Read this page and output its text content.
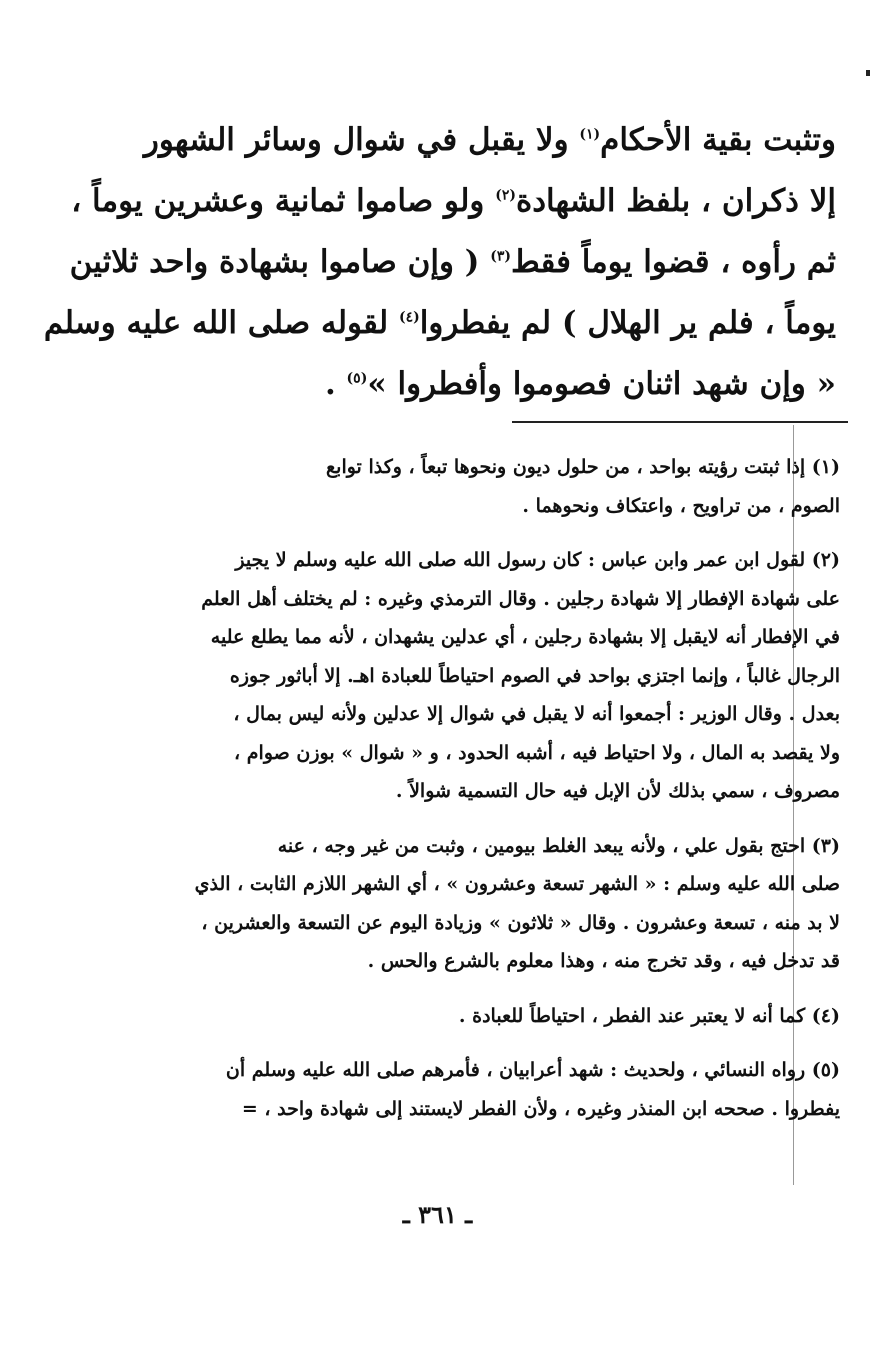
وتثبت بقية الأحكام$^{(١)}$ ولا يقبل في شوال وسائر الشهور
إلا ذكران ، بلفظ الشهادة$^{(٢)}$ ولو صاموا ثمانية وعشرين يوماً ،
ثم رأوه ، قضوا يوماً فقط$^{(٣)}$ ( وإن صاموا بشهادة واحد ثلاثين
يوماً ، فلم ير الهلال ) لم يفطروا$^{(٤)}$ لقوله صلى الله عليه وسلم
« وإن شهد اثنان فصوموا وأفطروا »$^{(٥)}$ .
(١) إذا ثبتت رؤيته بواحد ، من حلول ديون ونحوها تبعاً ، وكذا توابع
الصوم ، من تراويح ، واعتكاف ونحوهما .
(٢) لقول ابن عمر وابن عباس : كان رسول الله صلى الله عليه وسلم لا يجيز
على شهادة الإفطار إلا شهادة رجلين . وقال الترمذي وغيره : لم يختلف أهل العلم
في الإفطار أنه لايقبل إلا بشهادة رجلين ، أي عدلين يشهدان ، لأنه مما يطلع عليه
الرجال غالباً ، وإنما اجتزي بواحد في الصوم احتياطاً للعبادة اهـ. إلا أباثور جوزه
بعدل . وقال الوزير : أجمعوا أنه لا يقبل في شوال إلا عدلين ولأنه ليس بمال ،
ولا يقصد به المال ، ولا احتياط فيه ، أشبه الحدود ، و « شوال » بوزن صوام ،
مصروف ، سمي بذلك لأن الإبل فيه حال التسمية شوالاً .
(٣) احتج بقول علي ، ولأنه يبعد الغلط بيومين ، وثبت من غير وجه ، عنه
صلى الله عليه وسلم : « الشهر تسعة وعشرون » ، أي الشهر اللازم الثابت ، الذي
لا بد منه ، تسعة وعشرون . وقال « ثلاثون » وزيادة اليوم عن التسعة والعشرين ،
قد تدخل فيه ، وقد تخرج منه ، وهذا معلوم بالشرع والحس .
(٤) كما أنه لا يعتبر عند الفطر ، احتياطاً للعبادة .
(٥) رواه النسائي ، ولحديث : شهد أعرابيان ، فأمرهم صلى الله عليه وسلم أن
يفطروا . صححه ابن المنذر وغيره ، ولأن الفطر لايستند إلى شهادة واحد ، =
ـ ٣٦١ ـ
